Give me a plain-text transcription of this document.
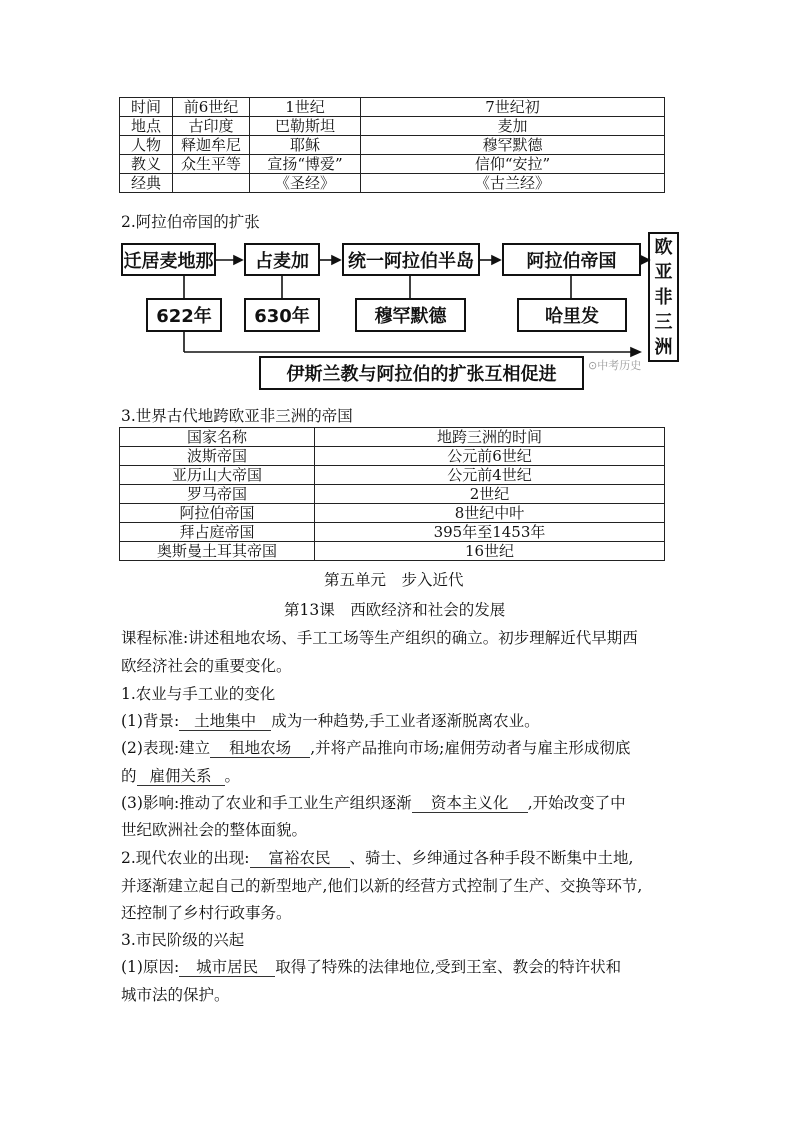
时间	前6世纪	1世纪	7世纪初
地点	古印度	巴勒斯坦	麦加
人物	释迦牟尼	耶稣	穆罕默德
教义	众生平等	宣扬“博爱”	信仰“安拉”
经典		《圣经》	《古兰经》
2.阿拉伯帝国的扩张
迁居麦地那	占麦加	统一阿拉伯半岛	阿拉伯帝国
622年	630年	穆罕默德	哈里发
欧
亚
非
三
洲
伊斯兰教与阿拉伯的扩张互相促进	⊙中考历史
3.世界古代地跨欧亚非三洲的帝国
国家名称	地跨三洲的时间
波斯帝国	公元前6世纪
亚历山大帝国	公元前4世纪
罗马帝国	2世纪
阿拉伯帝国	8世纪中叶
拜占庭帝国	395年至1453年
奥斯曼土耳其帝国	16世纪
第五单元　步入近代
第13课　西欧经济和社会的发展
课程标准:讲述租地农场、手工工场等生产组织的确立。初步理解近代早期西
欧经济社会的重要变化。
1.农业与手工业的变化
(1)背景: 土地集中 成为一种趋势,手工业者逐渐脱离农业。
(2)表现:建立 租地农场 ,并将产品推向市场;雇佣劳动者与雇主形成彻底
的 雇佣关系 。
(3)影响:推动了农业和手工业生产组织逐渐 资本主义化 ,开始改变了中
世纪欧洲社会的整体面貌。
2.现代农业的出现: 富裕农民 、骑士、乡绅通过各种手段不断集中土地,
并逐渐建立起自己的新型地产,他们以新的经营方式控制了生产、交换等环节,
还控制了乡村行政事务。
3.市民阶级的兴起
(1)原因: 城市居民 取得了特殊的法律地位,受到王室、教会的特许状和
城市法的保护。
